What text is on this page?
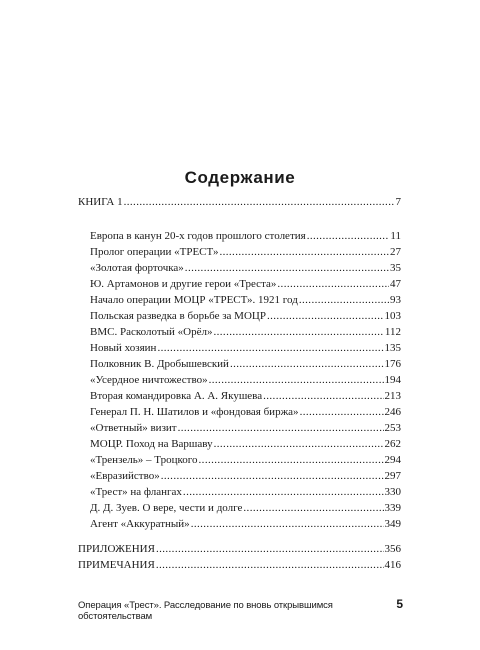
Содержание
КНИГА 1 .....	7
Европа в канун 20-х годов прошлого столетия .....	11
Пролог операции «ТРЕСТ» .....	27
«Золотая форточка» .....	35
Ю. Артамонов и другие герои «Треста» .....	47
Начало операции МОЦР «ТРЕСТ». 1921 год .....	93
Польская разведка в борьбе за МОЦР .....	103
ВМС. Расколотый «Орёл» .....	112
Новый хозяин .....	135
Полковник В. Дробышевский .....	176
«Усердное ничтожество» .....	194
Вторая командировка А. А. Якушева .....	213
Генерал П. Н. Шатилов и «фондовая биржа» .....	246
«Ответный» визит .....	253
МОЦР. Поход на Варшаву .....	262
«Трензель» – Троцкого .....	294
«Евразийство» .....	297
«Трест» на флангах .....	330
Д. Д. Зуев. О вере, чести и долге .....	339
Агент «Аккуратный» .....	349
ПРИЛОЖЕНИЯ .....	356
ПРИМЕЧАНИЯ .....	416
Операция «Трест». Расследование по вновь открывшимся обстоятельствам
5
